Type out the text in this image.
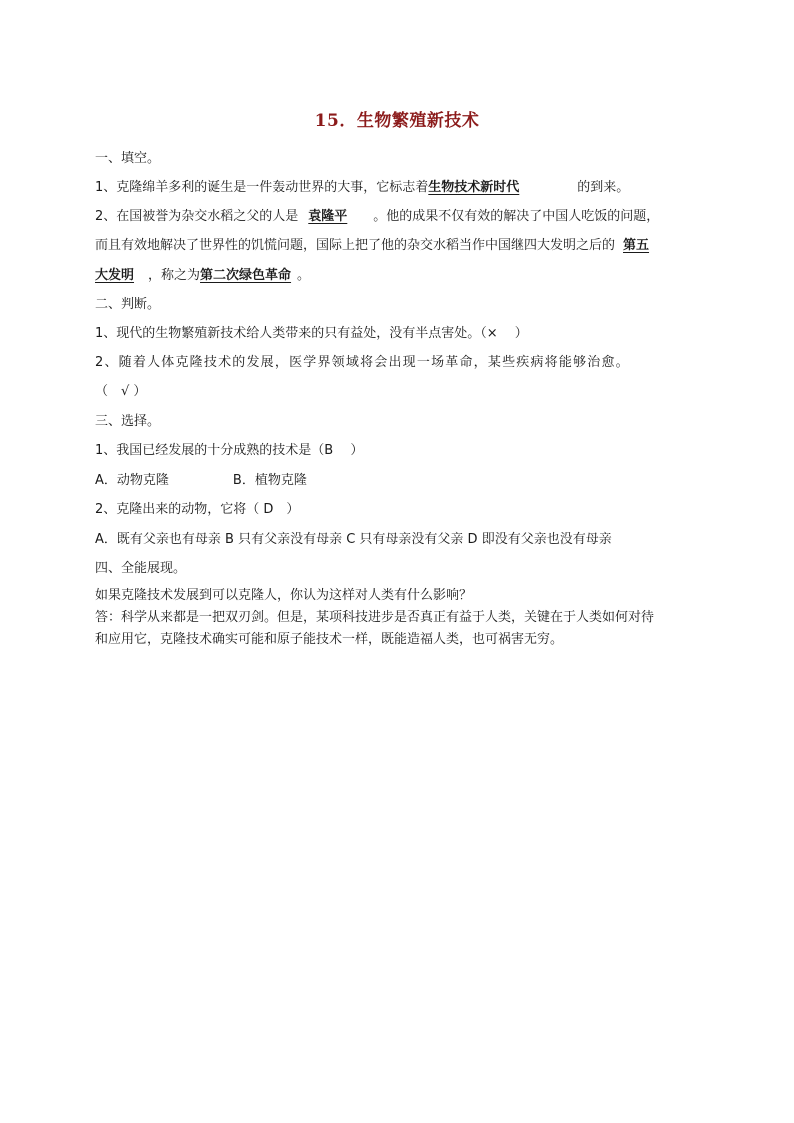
15．生物繁殖新技术
一、填空。
1、克隆绵羊多利的诞生是一件轰动世界的大事，它标志着生物技术新时代	的到来。
2、在国被誉为杂交水稻之父的人是 袁隆平 。他的成果不仅有效的解决了中国人吃饭的问题，
而且有效地解决了世界性的饥慌问题，国际上把了他的杂交水稻当作中国继四大发明之后的 第五
大发明 ，称之为第二次绿色革命 。
二、判断。
1、现代的生物繁殖新技术给人类带来的只有益处，没有半点害处。（×　 ）
2、随着人体克隆技术的发展，医学界领域将会出现一场革命，某些疾病将能够治愈。
（　√ ）
三、选择。
1、我国已经发展的十分成熟的技术是（B　 ）
A．动物克隆	B．植物克隆
2、克隆出来的动物，它将（ D　）
A．既有父亲也有母亲 B 只有父亲没有母亲 C 只有母亲没有父亲 D 即没有父亲也没有母亲
四、全能展现。
如果克隆技术发展到可以克隆人，你认为这样对人类有什么影响？
答：科学从来都是一把双刃剑。但是，某项科技进步是否真正有益于人类，关键在于人类如何对待
和应用它，克隆技术确实可能和原子能技术一样，既能造福人类，也可祸害无穷。
